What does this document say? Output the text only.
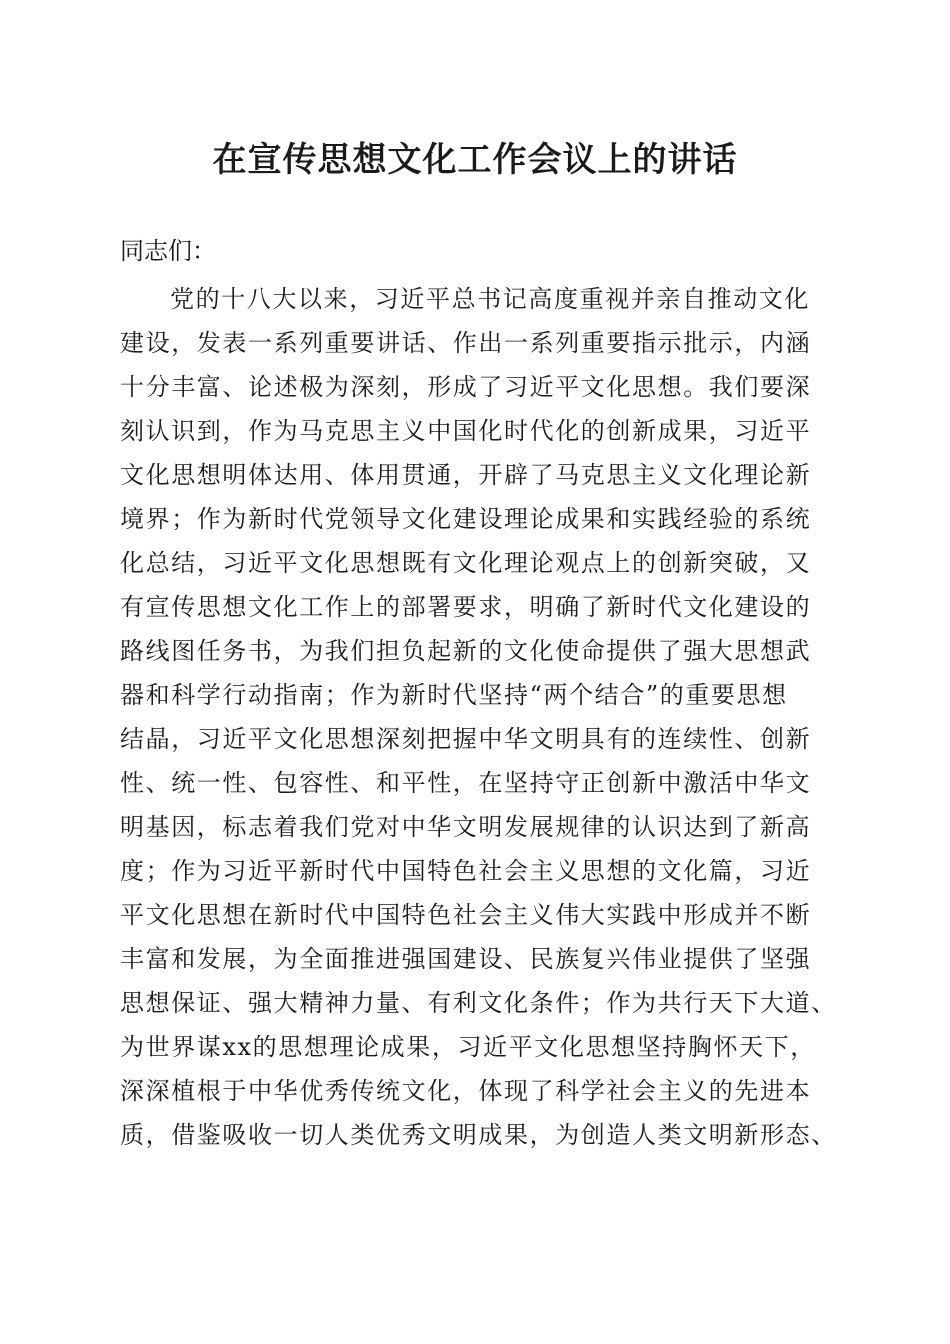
在宣传思想文化工作会议上的讲话

同志们：

党的十八大以来，习近平总书记高度重视并亲自推动文化
建设，发表一系列重要讲话、作出一系列重要指示批示，内涵
十分丰富、论述极为深刻，形成了习近平文化思想。我们要深
刻认识到，作为马克思主义中国化时代化的创新成果，习近平
文化思想明体达用、体用贯通，开辟了马克思主义文化理论新
境界；作为新时代党领导文化建设理论成果和实践经验的系统
化总结，习近平文化思想既有文化理论观点上的创新突破，又
有宣传思想文化工作上的部署要求，明确了新时代文化建设的
路线图任务书，为我们担负起新的文化使命提供了强大思想武
器和科学行动指南；作为新时代坚持“两个结合”的重要思想
结晶，习近平文化思想深刻把握中华文明具有的连续性、创新
性、统一性、包容性、和平性，在坚持守正创新中激活中华文
明基因，标志着我们党对中华文明发展规律的认识达到了新高
度；作为习近平新时代中国特色社会主义思想的文化篇，习近
平文化思想在新时代中国特色社会主义伟大实践中形成并不断
丰富和发展，为全面推进强国建设、民族复兴伟业提供了坚强
思想保证、强大精神力量、有利文化条件；作为共行天下大道、
为世界谋xx的思想理论成果，习近平文化思想坚持胸怀天下，
深深植根于中华优秀传统文化，体现了科学社会主义的先进本
质，借鉴吸收一切人类优秀文明成果，为创造人类文明新形态、
